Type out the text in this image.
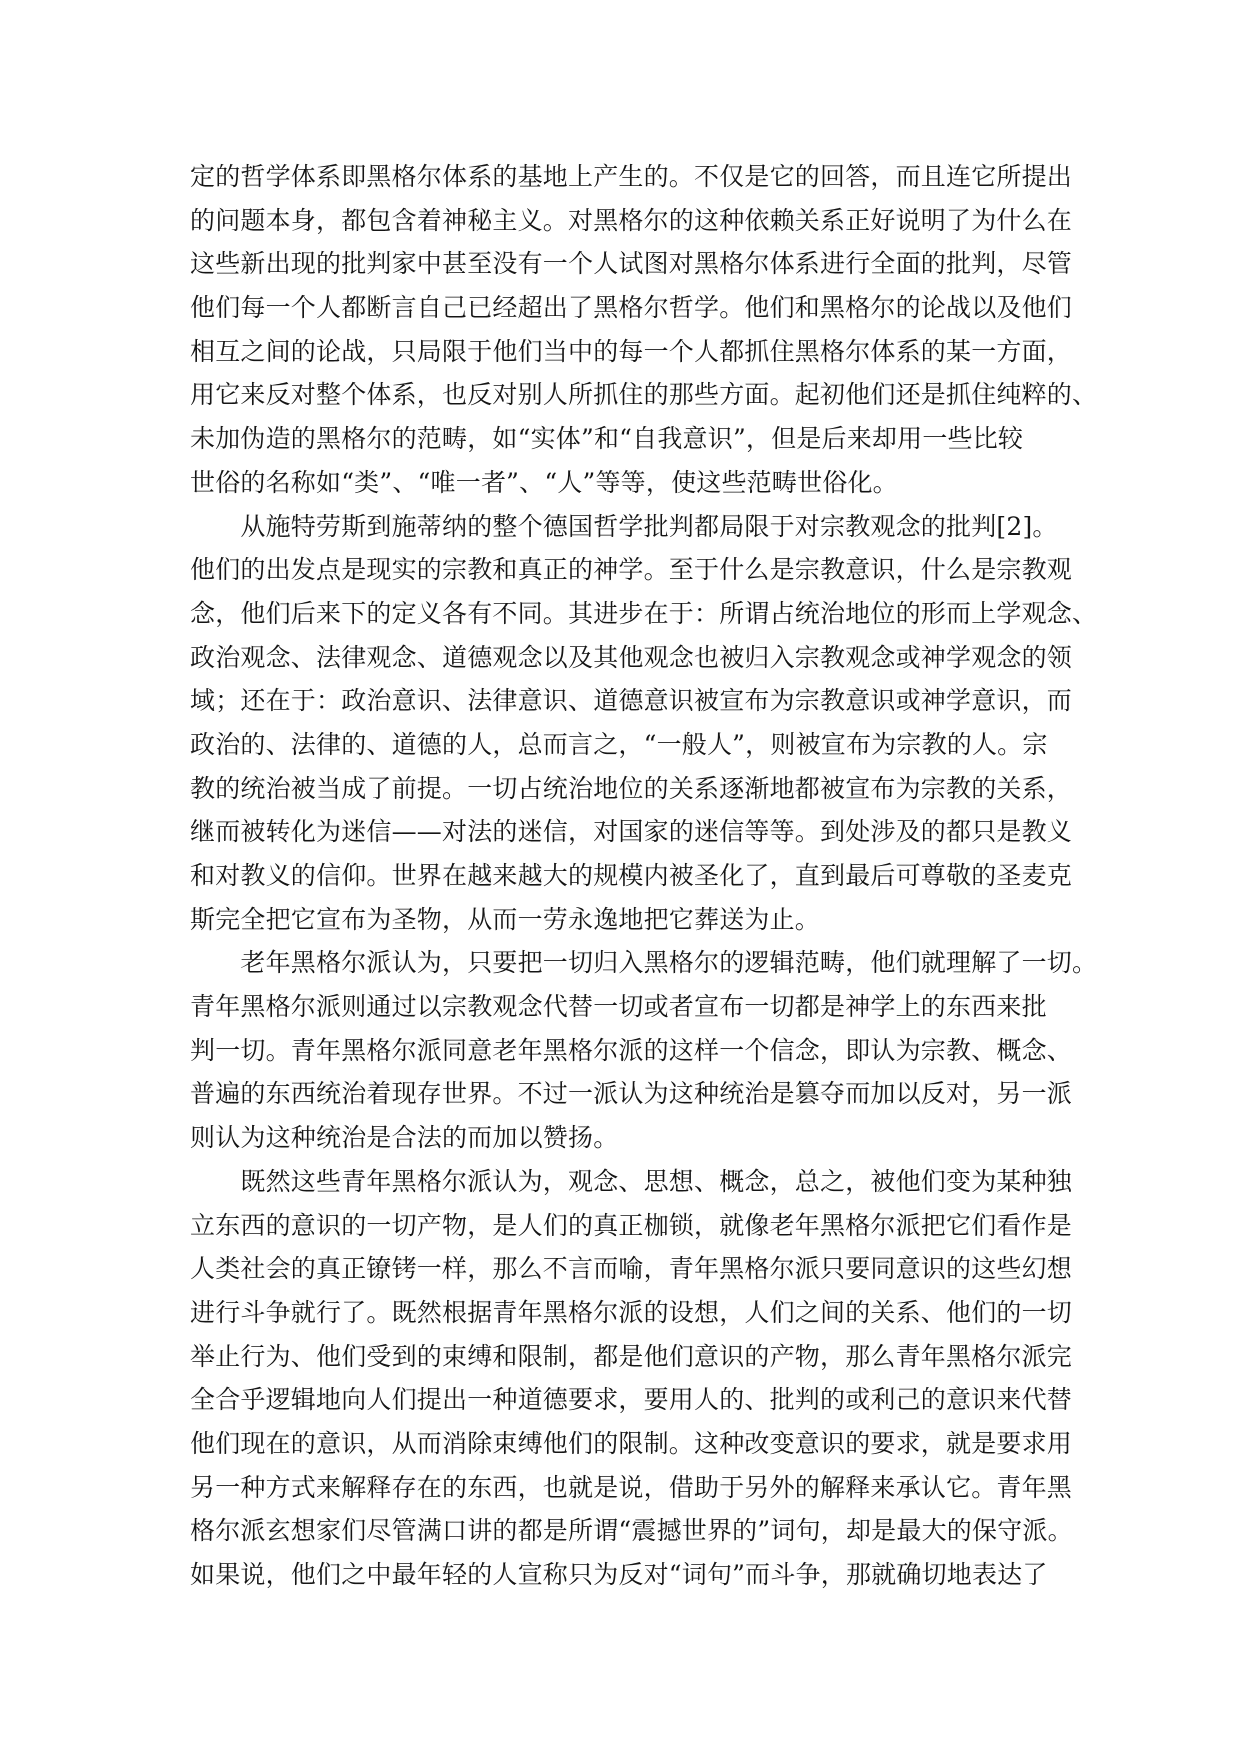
定的哲学体系即黑格尔体系的基地上产生的。不仅是它的回答，而且连它所提出
的问题本身，都包含着神秘主义。对黑格尔的这种依赖关系正好说明了为什么在
这些新出现的批判家中甚至没有一个人试图对黑格尔体系进行全面的批判，尽管
他们每一个人都断言自己已经超出了黑格尔哲学。他们和黑格尔的论战以及他们
相互之间的论战，只局限于他们当中的每一个人都抓住黑格尔体系的某一方面，
用它来反对整个体系，也反对别人所抓住的那些方面。起初他们还是抓住纯粹的、
未加伪造的黑格尔的范畴，如“实体”和“自我意识”，但是后来却用一些比较
世俗的名称如“类”、“唯一者”、“人”等等，使这些范畴世俗化。

　　从施特劳斯到施蒂纳的整个德国哲学批判都局限于对宗教观念的批判[2]。
他们的出发点是现实的宗教和真正的神学。至于什么是宗教意识，什么是宗教观
念，他们后来下的定义各有不同。其进步在于：所谓占统治地位的形而上学观念、
政治观念、法律观念、道德观念以及其他观念也被归入宗教观念或神学观念的领
域；还在于：政治意识、法律意识、道德意识被宣布为宗教意识或神学意识，而
政治的、法律的、道德的人，总而言之，“一般人”，则被宣布为宗教的人。宗
教的统治被当成了前提。一切占统治地位的关系逐渐地都被宣布为宗教的关系，
继而被转化为迷信——对法的迷信，对国家的迷信等等。到处涉及的都只是教义
和对教义的信仰。世界在越来越大的规模内被圣化了，直到最后可尊敬的圣麦克
斯完全把它宣布为圣物，从而一劳永逸地把它葬送为止。

　　老年黑格尔派认为，只要把一切归入黑格尔的逻辑范畴，他们就理解了一切。
青年黑格尔派则通过以宗教观念代替一切或者宣布一切都是神学上的东西来批
判一切。青年黑格尔派同意老年黑格尔派的这样一个信念，即认为宗教、概念、
普遍的东西统治着现存世界。不过一派认为这种统治是篡夺而加以反对，另一派
则认为这种统治是合法的而加以赞扬。

　　既然这些青年黑格尔派认为，观念、思想、概念，总之，被他们变为某种独
立东西的意识的一切产物，是人们的真正枷锁，就像老年黑格尔派把它们看作是
人类社会的真正镣铐一样，那么不言而喻，青年黑格尔派只要同意识的这些幻想
进行斗争就行了。既然根据青年黑格尔派的设想，人们之间的关系、他们的一切
举止行为、他们受到的束缚和限制，都是他们意识的产物，那么青年黑格尔派完
全合乎逻辑地向人们提出一种道德要求，要用人的、批判的或利己的意识来代替
他们现在的意识，从而消除束缚他们的限制。这种改变意识的要求，就是要求用
另一种方式来解释存在的东西，也就是说，借助于另外的解释来承认它。青年黑
格尔派玄想家们尽管满口讲的都是所谓“震撼世界的”词句，却是最大的保守派。
如果说，他们之中最年轻的人宣称只为反对“词句”而斗争，那就确切地表达了
